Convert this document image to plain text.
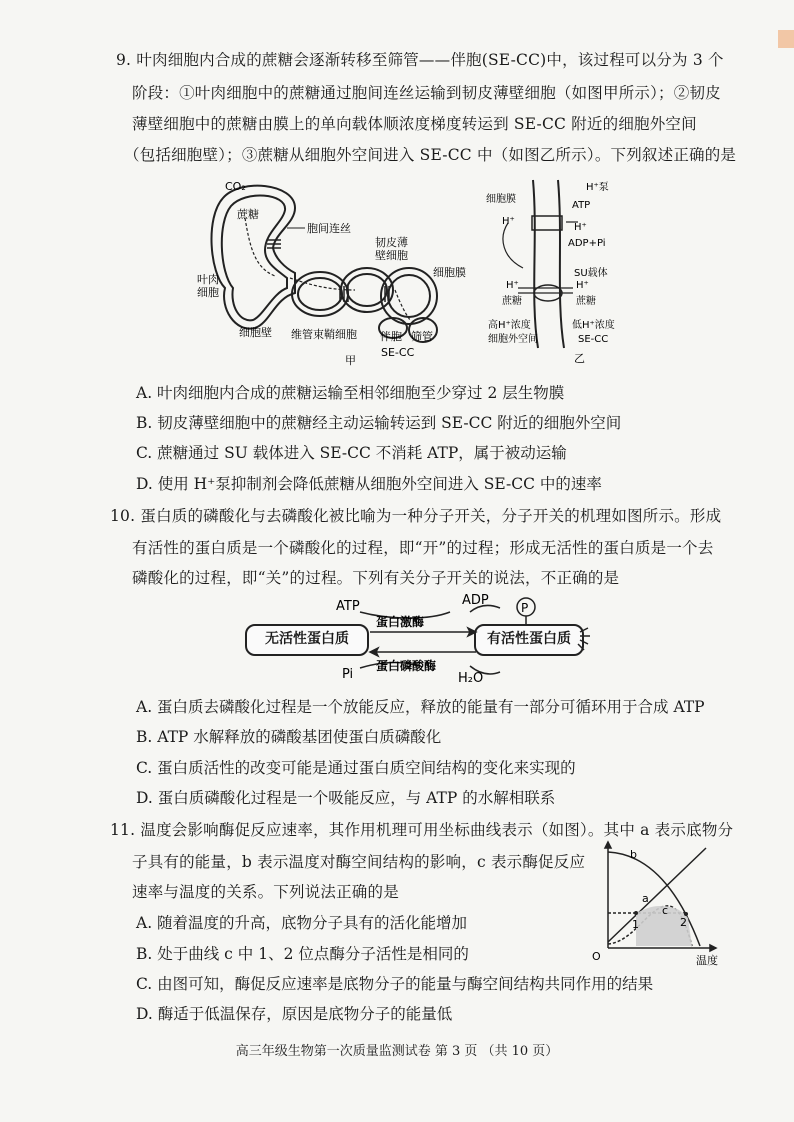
9. 叶肉细胞内合成的蔗糖会逐渐转移至筛管——伴胞(SE-CC)中，该过程可以分为 3 个
阶段：①叶肉细胞中的蔗糖通过胞间连丝运输到韧皮薄壁细胞（如图甲所示）；②韧皮
薄壁细胞中的蔗糖由膜上的单向载体顺浓度梯度转运到 SE-CC 附近的细胞外空间
（包括细胞壁）；③蔗糖从细胞外空间进入 SE-CC 中（如图乙所示）。下列叙述正确的是
CO₂
蔗糖
胞间连丝
叶肉
细胞
韧皮薄
壁细胞
细胞膜
细胞壁 维管束鞘细胞 伴胞 筛管
SE-CC
甲
细胞膜
H⁺泵
ATP
H⁺
H⁺
ADP+Pi
SU载体
H⁺	H⁺
蔗糖	蔗糖
高H⁺浓度
细胞外空间
低H⁺浓度
SE-CC
乙
A. 叶肉细胞内合成的蔗糖运输至相邻细胞至少穿过 2 层生物膜
B. 韧皮薄壁细胞中的蔗糖经主动运输转运到 SE-CC 附近的细胞外空间
C. 蔗糖通过 SU 载体进入 SE-CC 不消耗 ATP，属于被动运输
D. 使用 H⁺泵抑制剂会降低蔗糖从细胞外空间进入 SE-CC 中的速率
10. 蛋白质的磷酸化与去磷酸化被比喻为一种分子开关，分子开关的机理如图所示。形成
有活性的蛋白质是一个磷酸化的过程，即“开”的过程；形成无活性的蛋白质是一个去
磷酸化的过程，即“关”的过程。下列有关分子开关的说法，不正确的是
无活性蛋白质	有活性蛋白质
ATP
蛋白激酶
ADP	P
Pi
蛋白磷酸酶
H₂O
A. 蛋白质去磷酸化过程是一个放能反应，释放的能量有一部分可循环用于合成 ATP
B. ATP 水解释放的磷酸基团使蛋白质磷酸化
C. 蛋白质活性的改变可能是通过蛋白质空间结构的变化来实现的
D. 蛋白质磷酸化过程是一个吸能反应，与 ATP 的水解相联系
11. 温度会影响酶促反应速率，其作用机理可用坐标曲线表示（如图）。其中 a 表示底物分
子具有的能量，b 表示温度对酶空间结构的影响，c 表示酶促反应
速率与温度的关系。下列说法正确的是
b
a
c
1	2
O	温度
A. 随着温度的升高，底物分子具有的活化能增加
B. 处于曲线 c 中 1、2 位点酶分子活性是相同的
C. 由图可知，酶促反应速率是底物分子的能量与酶空间结构共同作用的结果
D. 酶适于低温保存，原因是底物分子的能量低
高三年级生物第一次质量监测试卷 第 3 页 （共 10 页）
